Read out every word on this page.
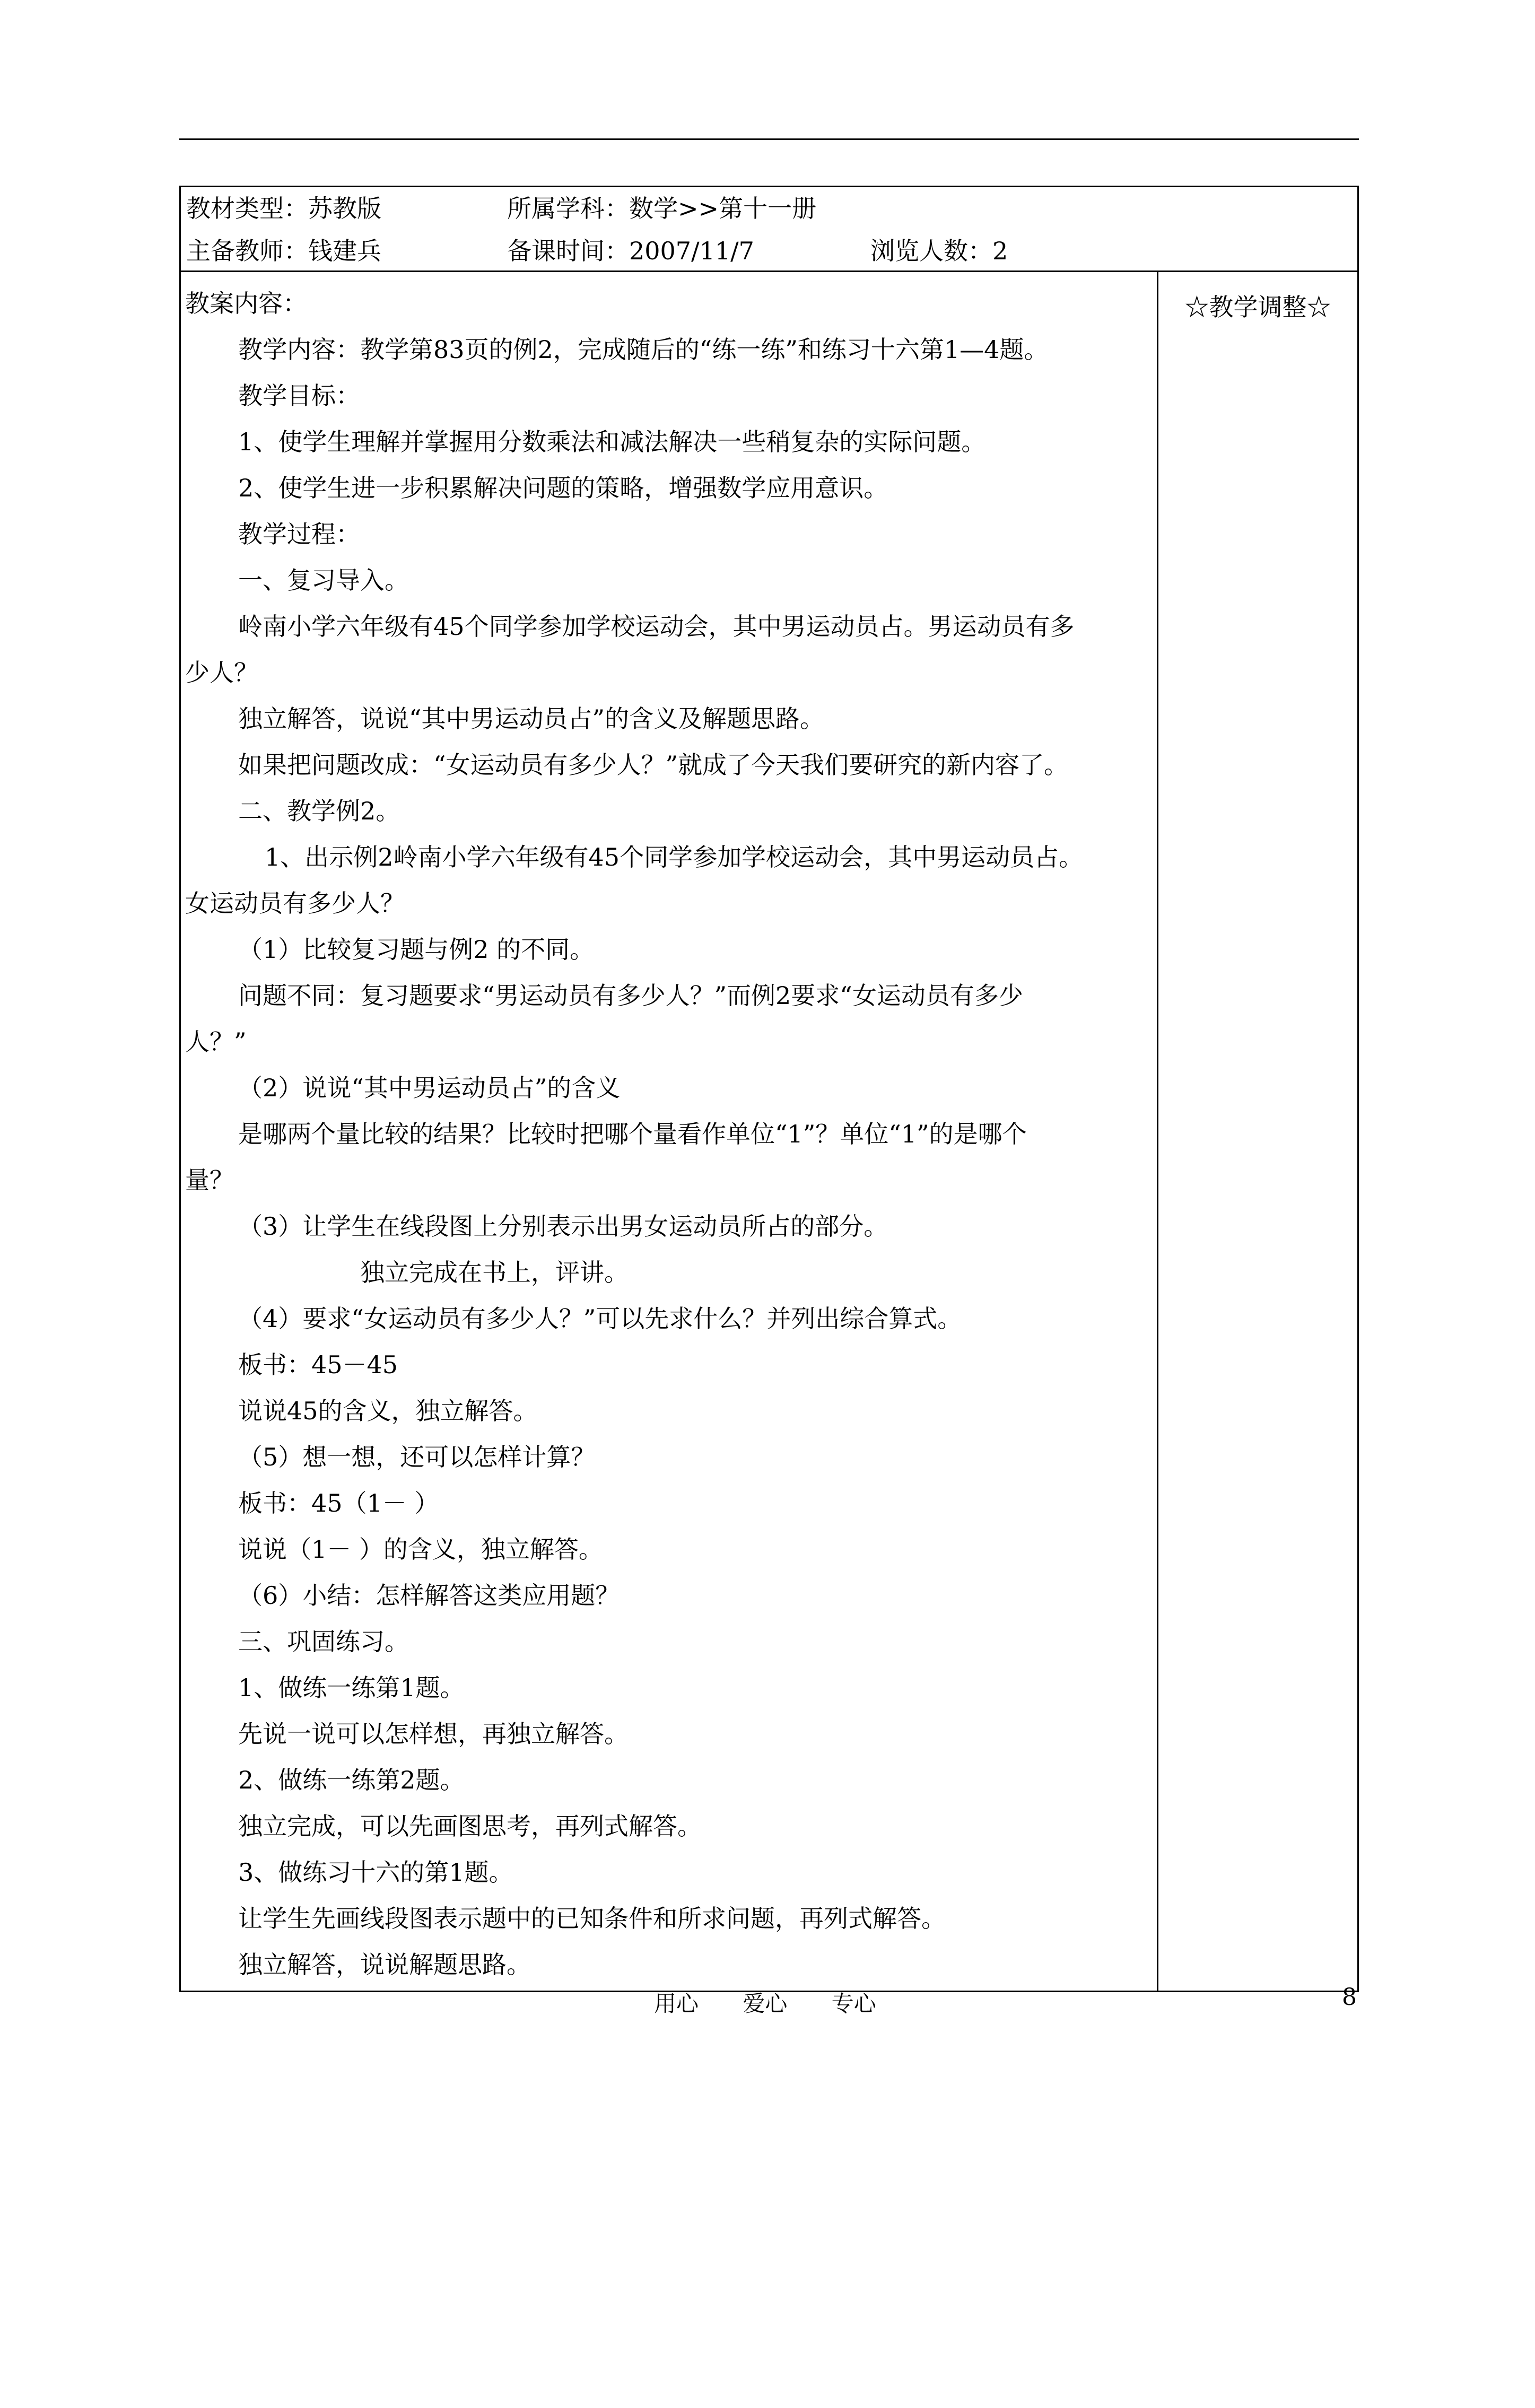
教材类型：苏教版	所属学科：数学>>第十一册
主备教师：钱建兵	备课时间：2007/11/7	浏览人数：2
教案内容：
教学内容：教学第83页的例2，完成随后的“练一练”和练习十六第1—4题。
教学目标：
1、使学生理解并掌握用分数乘法和减法解决一些稍复杂的实际问题。
2、使学生进一步积累解决问题的策略，增强数学应用意识。
教学过程：
一、复习导入。
岭南小学六年级有45个同学参加学校运动会，其中男运动员占。男运动员有多
少人？
独立解答，说说“其中男运动员占”的含义及解题思路。
如果把问题改成：“女运动员有多少人？”就成了今天我们要研究的新内容了。
二、教学例2。
1、出示例2岭南小学六年级有45个同学参加学校运动会，其中男运动员占。
女运动员有多少人？
（1）比较复习题与例2 的不同。
问题不同：复习题要求“男运动员有多少人？”而例2要求“女运动员有多少
人？”
（2）说说“其中男运动员占”的含义
是哪两个量比较的结果？比较时把哪个量看作单位“1”？单位“1”的是哪个
量？
（3）让学生在线段图上分别表示出男女运动员所占的部分。
独立完成在书上，评讲。
（4）要求“女运动员有多少人？”可以先求什么？并列出综合算式。
板书：45－45
说说45的含义，独立解答。
（5）想一想，还可以怎样计算？
板书：45（1－ ）
说说（1－ ）的含义，独立解答。
（6）小结：怎样解答这类应用题？
三、巩固练习。
1、做练一练第1题。
先说一说可以怎样想，再独立解答。
2、做练一练第2题。
独立完成，可以先画图思考，再列式解答。
3、做练习十六的第1题。
让学生先画线段图表示题中的已知条件和所求问题，再列式解答。
独立解答，说说解题思路。
☆教学调整☆
用心 爱心 专心	8
